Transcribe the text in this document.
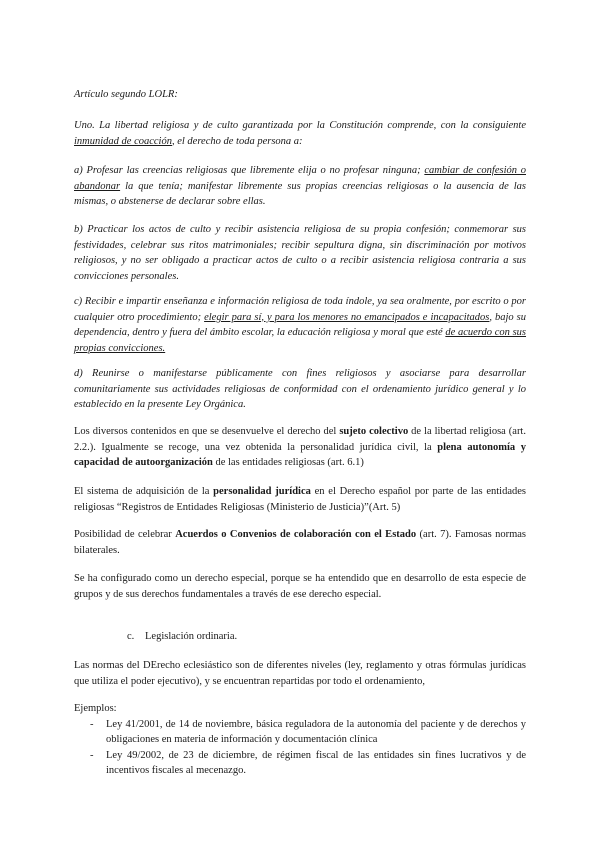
Artículo segundo LOLR:
Uno. La libertad religiosa y de culto garantizada por la Constitución comprende, con la consiguiente inmunidad de coacción, el derecho de toda persona a:
a) Profesar las creencias religiosas que libremente elija o no profesar ninguna; cambiar de confesión o abandonar la que tenía; manifestar libremente sus propias creencias religiosas o la ausencia de las mismas, o abstenerse de declarar sobre ellas.
b) Practicar los actos de culto y recibir asistencia religiosa de su propia confesión; conmemorar sus festividades, celebrar sus ritos matrimoniales; recibir sepultura digna, sin discriminación por motivos religiosos, y no ser obligado a practicar actos de culto o a recibir asistencia religiosa contraria a sus convicciones personales.
c) Recibir e impartir enseñanza e información religiosa de toda índole, ya sea oralmente, por escrito o por cualquier otro procedimiento; elegir para sí, y para los menores no emancipados e incapacitados, bajo su dependencia, dentro y fuera del ámbito escolar, la educación religiosa y moral que esté de acuerdo con sus propias convicciones.
d) Reunirse o manifestarse públicamente con fines religiosos y asociarse para desarrollar comunitariamente sus actividades religiosas de conformidad con el ordenamiento jurídico general y lo establecido en la presente Ley Orgánica.
Los diversos contenidos en que se desenvuelve el derecho del sujeto colectivo de la libertad religiosa (art. 2.2.). Igualmente se recoge, una vez obtenida la personalidad jurídica civil, la plena autonomía y capacidad de autoorganización de las entidades religiosas (art. 6.1)
El sistema de adquisición de la personalidad jurídica en el Derecho español por parte de las entidades religiosas “Registros de Entidades Religiosas (Ministerio de Justicia)”(Art. 5)
Posibilidad de celebrar Acuerdos o Convenios de colaboración con el Estado (art. 7). Famosas normas bilaterales.
Se ha configurado como un derecho especial, porque se ha entendido que en desarrollo de esta especie de grupos y de sus derechos fundamentales a través de ese derecho especial.
c. Legislación ordinaria.
Las normas del DErecho eclesiástico son de diferentes niveles (ley, reglamento y otras fórmulas jurídicas que utiliza el poder ejecutivo), y se encuentran repartidas por todo el ordenamiento,
Ejemplos:
- Ley 41/2001, de 14 de noviembre, básica reguladora de la autonomía del paciente y de derechos y obligaciones en materia de información y documentación clínica
- Ley 49/2002, de 23 de diciembre, de régimen fiscal de las entidades sin fines lucrativos y de incentivos fiscales al mecenazgo.
